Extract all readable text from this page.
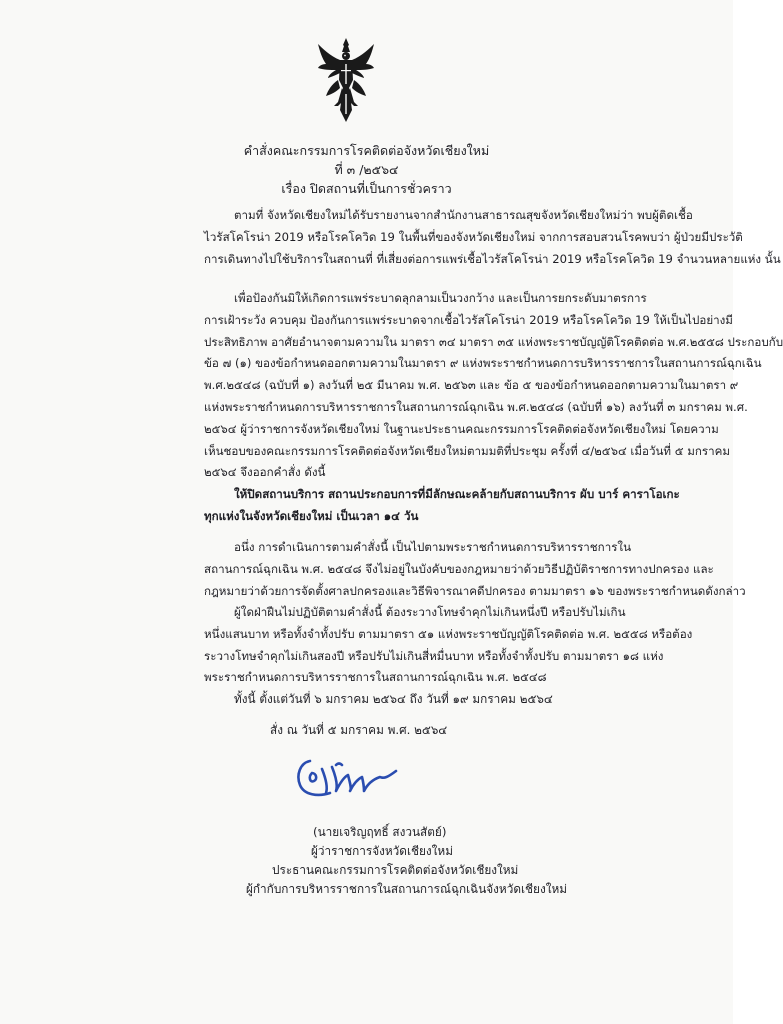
คำสั่งคณะกรรมการโรคติดต่อจังหวัดเชียงใหม่
ที่ ๓ /๒๕๖๔
เรื่อง ปิดสถานที่เป็นการชั่วคราว
ตามที่ จังหวัดเชียงใหม่ได้รับรายงานจากสำนักงานสาธารณสุขจังหวัดเชียงใหม่ว่า พบผู้ติดเชื้อ
ไวรัสโคโรน่า 2019 หรือโรคโควิด 19 ในพื้นที่ของจังหวัดเชียงใหม่ จากการสอบสวนโรคพบว่า ผู้ป่วยมีประวัติ
การเดินทางไปใช้บริการในสถานที่ ที่เสี่ยงต่อการแพร่เชื้อไวรัสโคโรน่า 2019 หรือโรคโควิด 19 จำนวนหลายแห่ง นั้น
เพื่อป้องกันมิให้เกิดการแพร่ระบาดลุกลามเป็นวงกว้าง และเป็นการยกระดับมาตรการ
การเฝ้าระวัง ควบคุม ป้องกันการแพร่ระบาดจากเชื้อไวรัสโคโรน่า 2019 หรือโรคโควิด 19 ให้เป็นไปอย่างมี
ประสิทธิภาพ อาศัยอำนาจตามความใน มาตรา ๓๔ มาตรา ๓๕ แห่งพระราชบัญญัติโรคติดต่อ พ.ศ.๒๕๕๘ ประกอบกับ
ข้อ ๗ (๑) ของข้อกำหนดออกตามความในมาตรา ๙ แห่งพระราชกำหนดการบริหารราชการในสถานการณ์ฉุกเฉิน
พ.ศ.๒๕๔๘ (ฉบับที่ ๑) ลงวันที่ ๒๕ มีนาคม พ.ศ. ๒๕๖๓ และ ข้อ ๕ ของข้อกำหนดออกตามความในมาตรา ๙
แห่งพระราชกำหนดการบริหารราชการในสถานการณ์ฉุกเฉิน พ.ศ.๒๕๔๘ (ฉบับที่ ๑๖) ลงวันที่ ๓ มกราคม พ.ศ.
๒๕๖๔ ผู้ว่าราชการจังหวัดเชียงใหม่ ในฐานะประธานคณะกรรมการโรคติดต่อจังหวัดเชียงใหม่ โดยความ
เห็นชอบของคณะกรรมการโรคติดต่อจังหวัดเชียงใหม่ตามมติที่ประชุม ครั้งที่ ๔/๒๕๖๔ เมื่อวันที่ ๕ มกราคม
๒๕๖๔ จึงออกคำสั่ง ดังนี้
ให้ปิดสถานบริการ สถานประกอบการที่มีลักษณะคล้ายกับสถานบริการ ผับ บาร์ คาราโอเกะ
ทุกแห่งในจังหวัดเชียงใหม่ เป็นเวลา ๑๔ วัน
อนึ่ง การดำเนินการตามคำสั่งนี้ เป็นไปตามพระราชกำหนดการบริหารราชการใน
สถานการณ์ฉุกเฉิน พ.ศ. ๒๕๔๘ จึงไม่อยู่ในบังคับของกฎหมายว่าด้วยวิธีปฏิบัติราชการทางปกครอง และ
กฎหมายว่าด้วยการจัดตั้งศาลปกครองและวิธีพิจารณาคดีปกครอง ตามมาตรา ๑๖ ของพระราชกำหนดดังกล่าว
ผู้ใดฝ่าฝืนไม่ปฏิบัติตามคำสั่งนี้ ต้องระวางโทษจำคุกไม่เกินหนึ่งปี หรือปรับไม่เกิน
หนึ่งแสนบาท หรือทั้งจำทั้งปรับ ตามมาตรา ๕๑ แห่งพระราชบัญญัติโรคติดต่อ พ.ศ. ๒๕๕๘ หรือต้อง
ระวางโทษจำคุกไม่เกินสองปี หรือปรับไม่เกินสี่หมื่นบาท หรือทั้งจำทั้งปรับ ตามมาตรา ๑๘ แห่ง
พระราชกำหนดการบริหารราชการในสถานการณ์ฉุกเฉิน พ.ศ. ๒๕๔๘
ทั้งนี้ ตั้งแต่วันที่ ๖ มกราคม ๒๕๖๔ ถึง วันที่ ๑๙ มกราคม ๒๕๖๔
สั่ง ณ วันที่ ๕ มกราคม พ.ศ. ๒๕๖๔
(นายเจริญฤทธิ์ สงวนสัตย์)
ผู้ว่าราชการจังหวัดเชียงใหม่
ประธานคณะกรรมการโรคติดต่อจังหวัดเชียงใหม่
ผู้กำกับการบริหารราชการในสถานการณ์ฉุกเฉินจังหวัดเชียงใหม่
